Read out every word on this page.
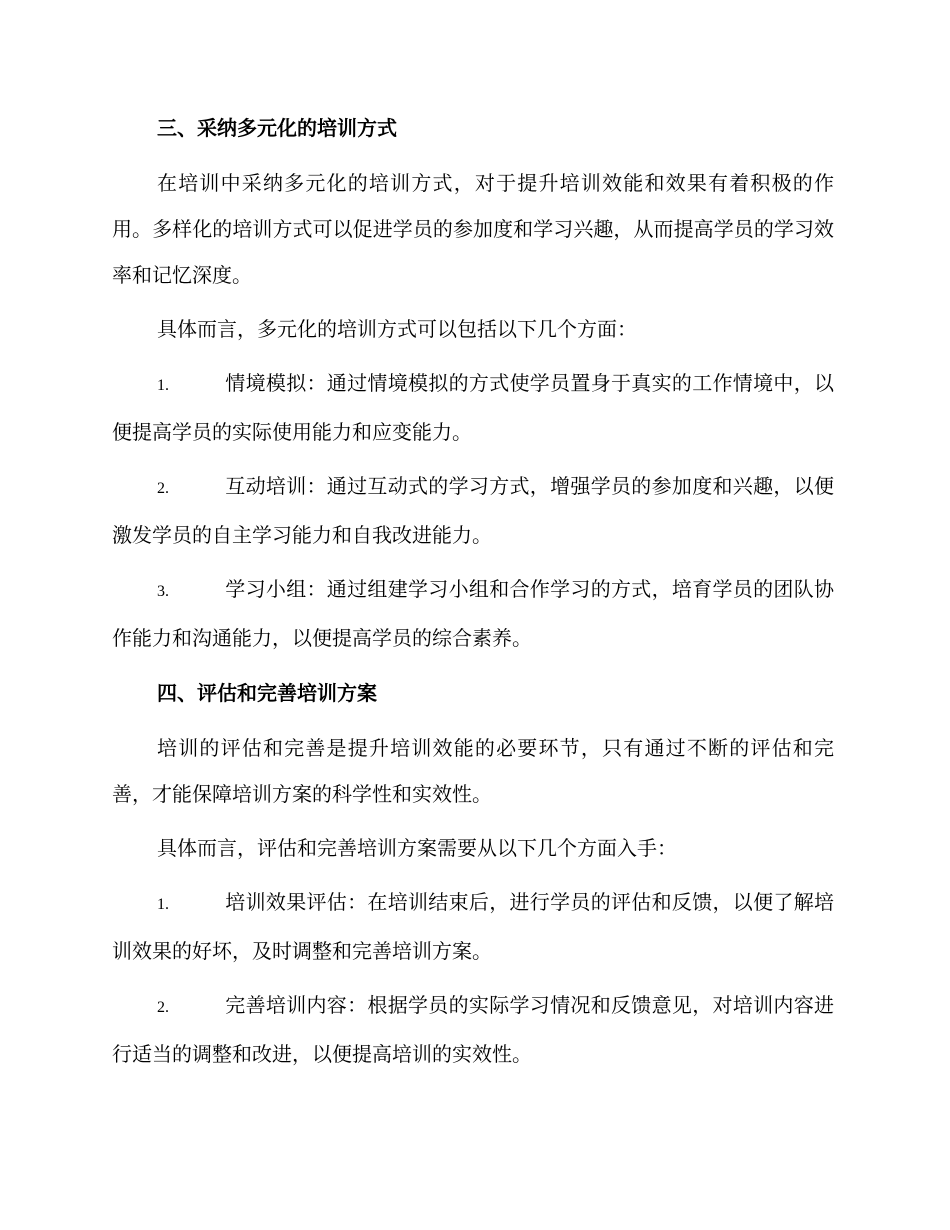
三、采纳多元化的培训方式

在培训中采纳多元化的培训方式，对于提升培训效能和效果有着积极的作用。多样化的培训方式可以促进学员的参加度和学习兴趣，从而提高学员的学习效率和记忆深度。

具体而言，多元化的培训方式可以包括以下几个方面：

1.	情境模拟：通过情境模拟的方式使学员置身于真实的工作情境中，以便提高学员的实际使用能力和应变能力。

2.	互动培训：通过互动式的学习方式，增强学员的参加度和兴趣，以便激发学员的自主学习能力和自我改进能力。

3.	学习小组：通过组建学习小组和合作学习的方式，培育学员的团队协作能力和沟通能力，以便提高学员的综合素养。

四、评估和完善培训方案

培训的评估和完善是提升培训效能的必要环节，只有通过不断的评估和完善，才能保障培训方案的科学性和实效性。

具体而言，评估和完善培训方案需要从以下几个方面入手：

1.	培训效果评估：在培训结束后，进行学员的评估和反馈，以便了解培训效果的好坏，及时调整和完善培训方案。

2.	完善培训内容：根据学员的实际学习情况和反馈意见，对培训内容进行适当的调整和改进，以便提高培训的实效性。
